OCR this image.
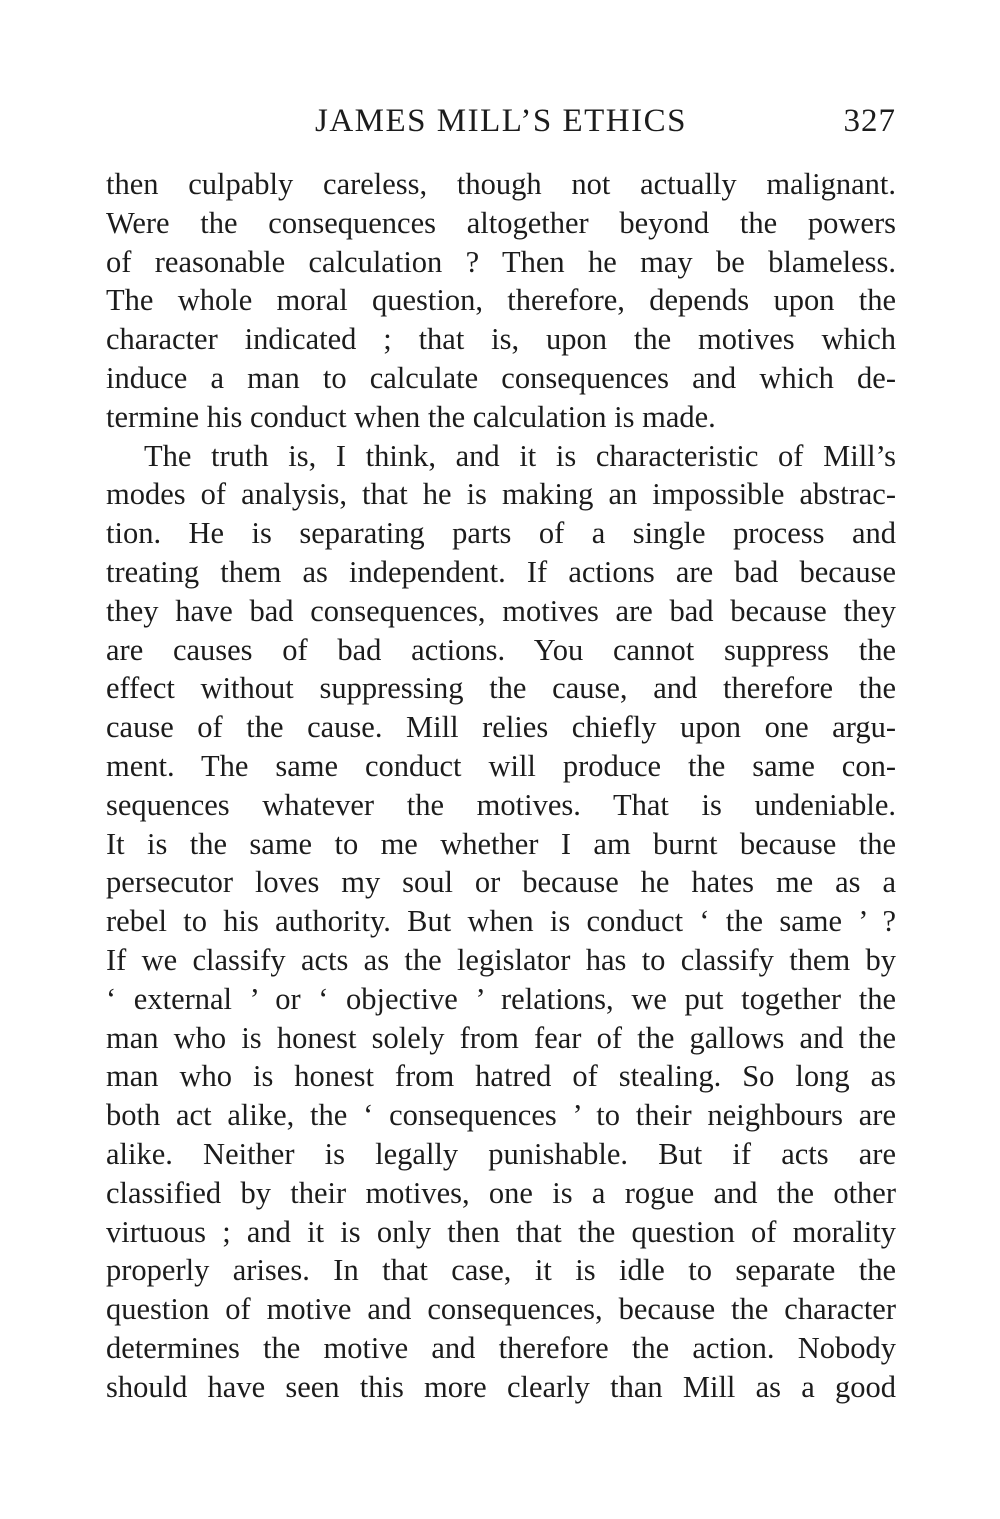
JAMES MILL’S ETHICS	327
then culpably careless, though not actually malignant.
Were the consequences altogether beyond the powers
of reasonable calculation ? Then he may be blameless.
The whole moral question, therefore, depends upon the
character indicated ; that is, upon the motives which
induce a man to calculate consequences and which de-
termine his conduct when the calculation is made.
The truth is, I think, and it is characteristic of Mill’s
modes of analysis, that he is making an impossible abstrac-
tion. He is separating parts of a single process and
treating them as independent. If actions are bad because
they have bad consequences, motives are bad because they
are causes of bad actions. You cannot suppress the
effect without suppressing the cause, and therefore the
cause of the cause. Mill relies chiefly upon one argu-
ment. The same conduct will produce the same con-
sequences whatever the motives. That is undeniable.
It is the same to me whether I am burnt because the
persecutor loves my soul or because he hates me as a
rebel to his authority. But when is conduct ‘ the same ’ ?
If we classify acts as the legislator has to classify them by
‘ external ’ or ‘ objective ’ relations, we put together the
man who is honest solely from fear of the gallows and the
man who is honest from hatred of stealing. So long as
both act alike, the ‘ consequences ’ to their neighbours are
alike. Neither is legally punishable. But if acts are
classified by their motives, one is a rogue and the other
virtuous ; and it is only then that the question of morality
properly arises. In that case, it is idle to separate the
question of motive and consequences, because the character
determines the motive and therefore the action. Nobody
should have seen this more clearly than Mill as a good
